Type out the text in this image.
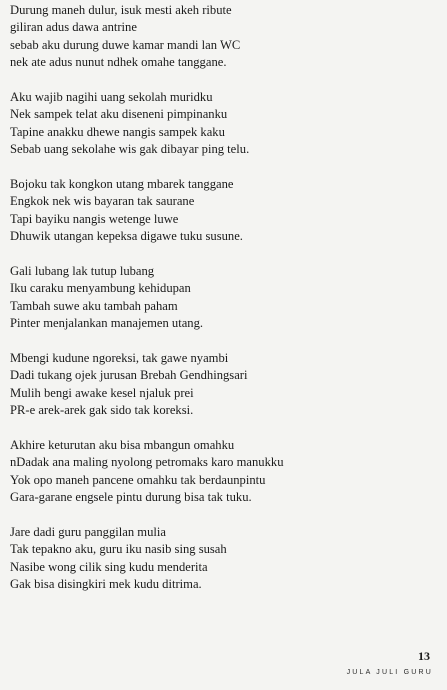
Durung maneh dulur, isuk mesti akeh ribute
giliran adus dawa antrine
sebab aku durung duwe kamar mandi lan WC
nek ate adus nunut ndhek omahe tanggane.
Aku wajib nagihi uang sekolah muridku
Nek sampek telat aku diseneni pimpinanku
Tapine anakku dhewe nangis sampek kaku
Sebab uang sekolahe wis gak dibayar ping telu.
Bojoku tak kongkon utang mbarek tanggane
Engkok nek wis bayaran tak saurane
Tapi bayiku nangis wetenge luwe
Dhuwik utangan kepeksa digawe tuku susune.
Gali lubang lak tutup lubang
Iku caraku menyambung kehidupan
Tambah suwe aku tambah paham
Pinter menjalankan manajemen utang.
Mbengi kudune ngoreksi, tak gawe nyambi
Dadi tukang ojek jurusan Brebah Gendhingsari
Mulih bengi awake kesel njaluk prei
PR-e arek-arek gak sido tak koreksi.
Akhire keturutan aku bisa mbangun omahku
nDadak ana maling nyolong petromaks karo manukku
Yok opo maneh pancene omahku tak berdaunpintu
Gara-garane engsele pintu durung bisa tak tuku.
Jare dadi guru panggilan mulia
Tak tepakno aku, guru iku nasib sing susah
Nasibe wong cilik sing kudu menderita
Gak bisa disingkiri mek kudu ditrima.
13
JULA JULI GURU
